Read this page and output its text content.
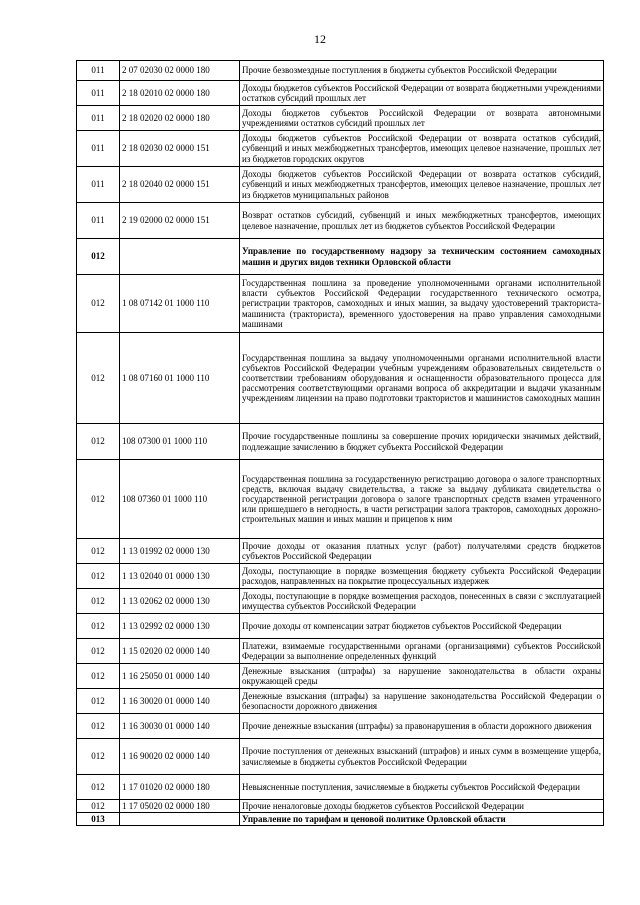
12
011	2 07 02030 02 0000 180	Прочие безвозмездные поступления в бюджеты субъектов Российской Федерации
011	2 18 02010 02 0000 180	Доходы бюджетов субъектов Российской Федерации от возврата бюджетными учреждениями остатков субсидий прошлых лет
011	2 18 02020 02 0000 180	Доходы бюджетов субъектов Российской Федерации от возврата автономными учреждениями остатков субсидий прошлых лет
011	2 18 02030 02 0000 151	Доходы бюджетов субъектов Российской Федерации от возврата остатков субсидий, субвенций и иных межбюджетных трансфертов, имеющих целевое назначение, прошлых лет из бюджетов городских округов
011	2 18 02040 02 0000 151	Доходы бюджетов субъектов Российской Федерации от возврата остатков субсидий, субвенций и иных межбюджетных трансфертов, имеющих целевое назначение, прошлых лет из бюджетов муниципальных районов
011	2 19 02000 02 0000 151	Возврат остатков субсидий, субвенций и иных межбюджетных трансфертов, имеющих целевое назначение, прошлых лет из бюджетов субъектов Российской Федерации
012		Управление по государственному надзору за техническим состоянием самоходных машин и других видов техники Орловской области
012	1 08 07142 01 1000 110	Государственная пошлина за проведение уполномоченными органами исполнительной власти субъектов Российской Федерации государственного технического осмотра, регистрации тракторов, самоходных и иных машин, за выдачу удостоверений тракториста-машиниста (тракториста), временного удостоверения на право управления самоходными машинами
012	1 08 07160 01 1000 110	Государственная пошлина за выдачу уполномоченными органами исполнительной власти субъектов Российской Федерации учебным учреждениям образовательных свидетельств о соответствии требованиям оборудования и оснащенности образовательного процесса для рассмотрения соответствующими органами вопроса об аккредитации и выдачи указанным учреждениям лицензии на право подготовки трактористов и машинистов самоходных машин
012	108 07300 01 1000 110	Прочие государственные пошлины за совершение прочих юридически значимых действий, подлежащие зачислению в бюджет субъекта Российской Федерации
012	108 07360 01 1000 110	Государственная пошлина за государственную регистрацию договора о залоге транспортных средств, включая выдачу свидетельства, а также за выдачу дубликата свидетельства о государственной регистрации договора о залоге транспортных средств взамен утраченного или пришедшего в негодность, в части регистрации залога тракторов, самоходных дорожно-строительных машин и иных машин и прицепов к ним
012	1 13 01992 02 0000 130	Прочие доходы от оказания платных услуг (работ) получателями средств бюджетов субъектов Российской Федерации
012	1 13 02040 01 0000 130	Доходы, поступающие в порядке возмещения бюджету субъекта Российской Федерации расходов, направленных на покрытие процессуальных издержек
012	1 13 02062 02 0000 130	Доходы, поступающие в порядке возмещения расходов, понесенных в связи с эксплуатацией имущества субъектов Российской Федерации
012	1 13 02992 02 0000 130	Прочие доходы от компенсации затрат бюджетов субъектов Российской Федерации
012	1 15 02020 02 0000 140	Платежи, взимаемые государственными органами (организациями) субъектов Российской Федерации за выполнение определенных функций
012	1 16 25050 01 0000 140	Денежные взыскания (штрафы) за нарушение законодательства в области охраны окружающей среды
012	1 16 30020 01 0000 140	Денежные взыскания (штрафы) за нарушение законодательства Российской Федерации о безопасности дорожного движения
012	1 16 30030 01 0000 140	Прочие денежные взыскания (штрафы) за правонарушения в области дорожного движения
012	1 16 90020 02 0000 140	Прочие поступления от денежных взысканий (штрафов) и иных сумм в возмещение ущерба, зачисляемые в бюджеты субъектов Российской Федерации
012	1 17 01020 02 0000 180	Невыясненные поступления, зачисляемые в бюджеты субъектов Российской Федерации
012	1 17 05020 02 0000 180	Прочие неналоговые доходы бюджетов субъектов Российской Федерации
013		Управление по тарифам и ценовой политике Орловской области
